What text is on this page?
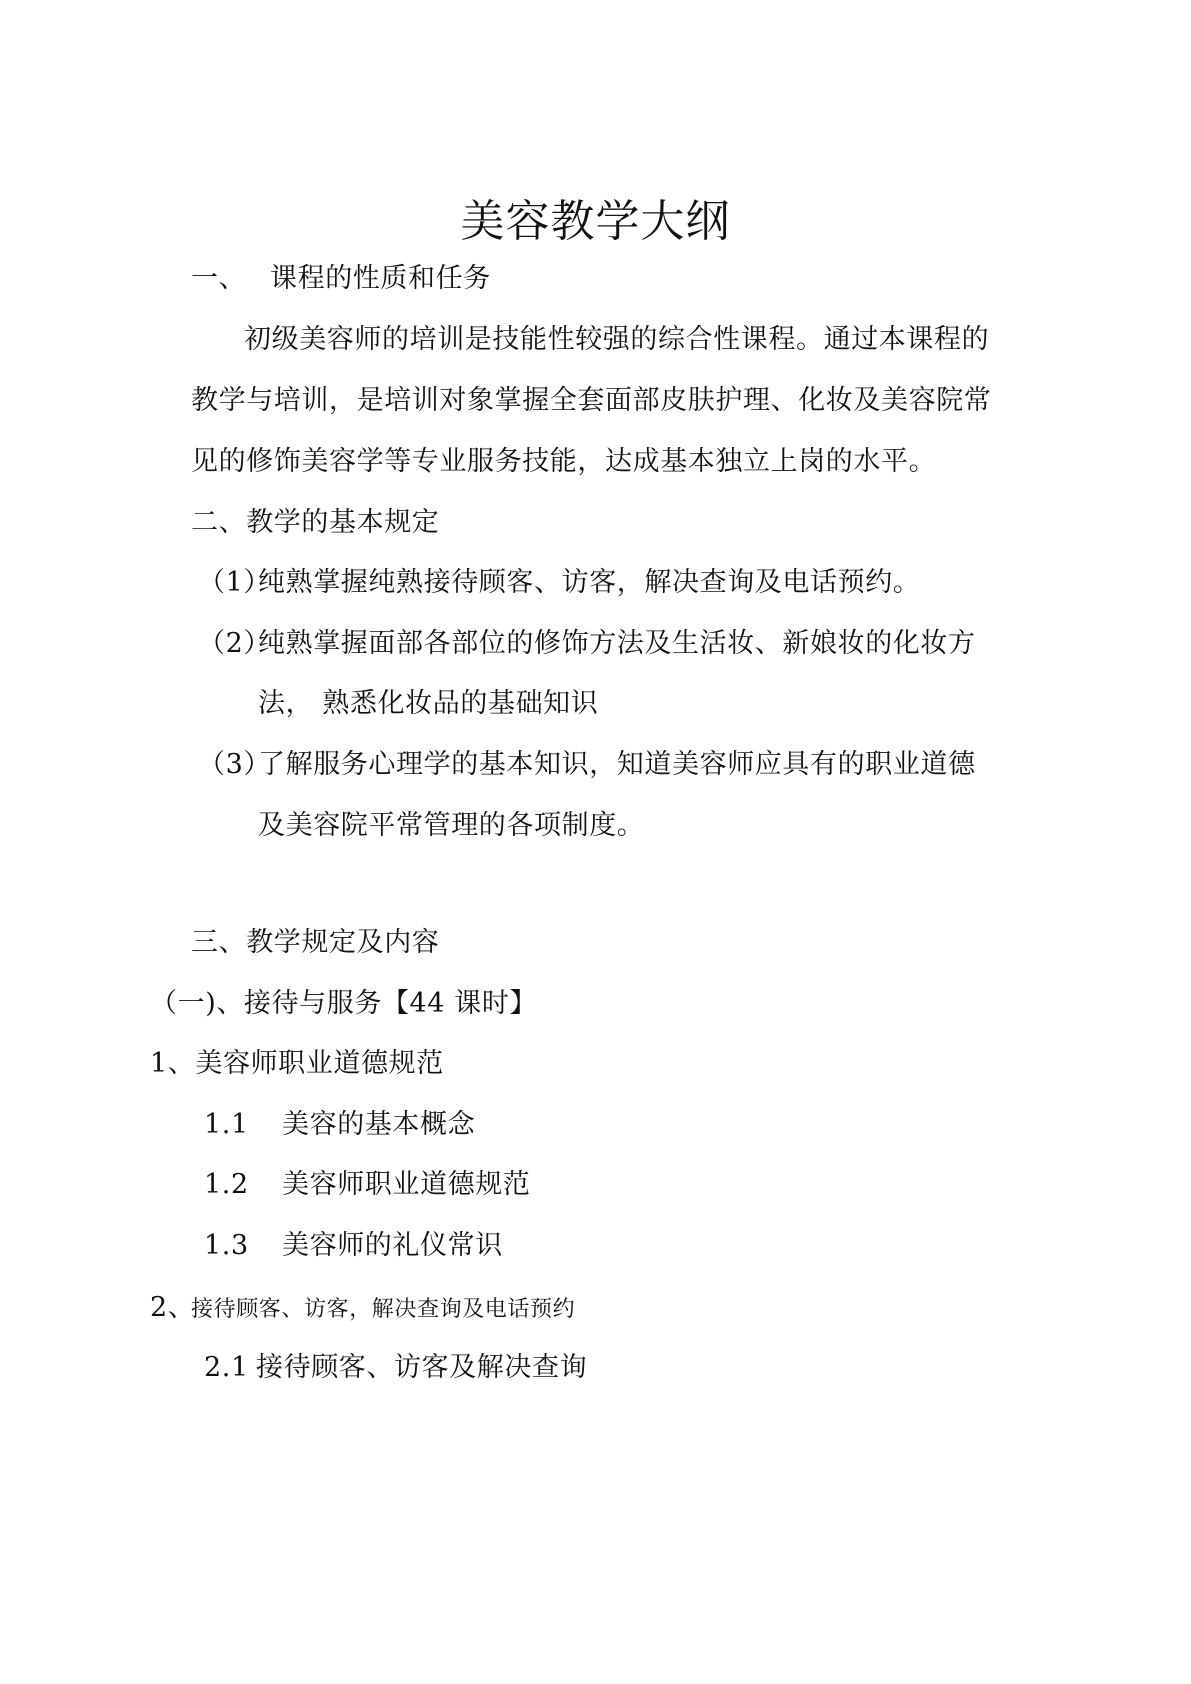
美容教学大纲
一、 课程的性质和任务
初级美容师的培训是技能性较强的综合性课程。通过本课程的
教学与培训，是培训对象掌握全套面部皮肤护理、化妆及美容院常
见的修饰美容学等专业服务技能，达成基本独立上岗的水平。
二、教学的基本规定
（1）
纯熟掌握纯熟接待顾客、访客，解决查询及电话预约。
（2）
纯熟掌握面部各部位的修饰方法及生活妆、新娘妆的化妆方
法， 熟悉化妆品的基础知识
（3）
了解服务心理学的基本知识，知道美容师应具有的职业道德
及美容院平常管理的各项制度。
三、教学规定及内容
（一)、接待与服务【44 课时】
1、美容师职业道德规范
1.1 美容的基本概念
1.2 美容师职业道德规范
1.3 美容师的礼仪常识
2、
接待顾客、访客，解决查询及电话预约
2.1 接待顾客、访客及解决查询
